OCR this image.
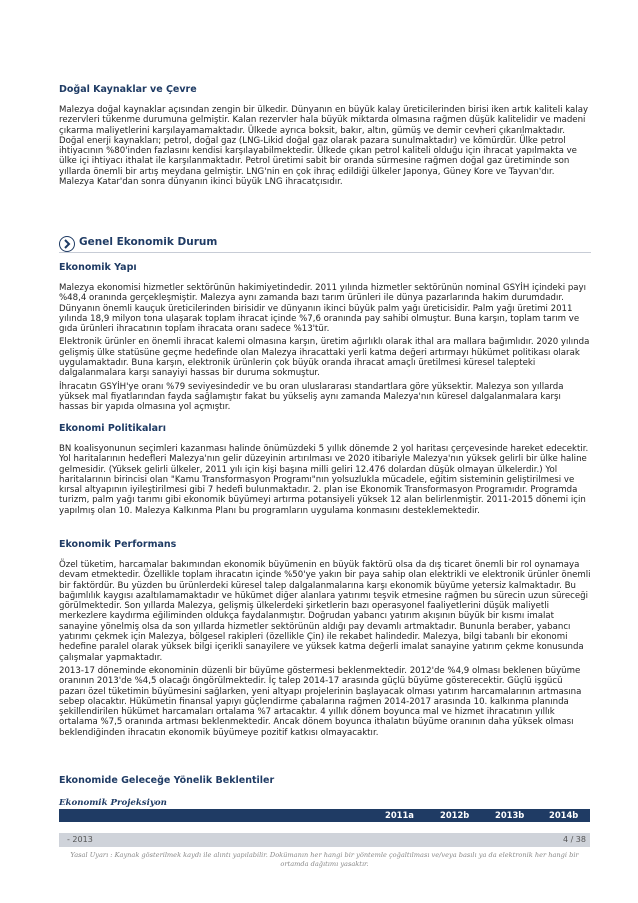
Doğal Kaynaklar ve Çevre

Malezya doğal kaynaklar açısından zengin bir ülkedir. Dünyanın en büyük kalay üreticilerinden birisi iken artık kaliteli kalay rezervleri tükenme durumuna gelmiştir. Kalan rezervler hala büyük miktarda olmasına rağmen düşük kalitelidir ve madeni çıkarma maliyetlerini karşılayamamaktadır. Ülkede ayrıca boksit, bakır, altın, gümüş ve demir cevheri çıkarılmaktadır. Doğal enerji kaynakları; petrol, doğal gaz (LNG-Likid doğal gaz olarak pazara sunulmaktadır) ve kömürdür. Ülke petrol ihtiyacının %80'inden fazlasını kendisi karşılayabilmektedir. Ülkede çıkan petrol kaliteli olduğu için ihracat yapılmakta ve ülke içi ihtiyacı ithalat ile karşılanmaktadır. Petrol üretimi sabit bir oranda sürmesine rağmen doğal gaz üretiminde son yıllarda önemli bir artış meydana gelmiştir. LNG'nin en çok ihraç edildiği ülkeler Japonya, Güney Kore ve Tayvan'dır. Malezya Katar'dan sonra dünyanın ikinci büyük LNG ihracatçısıdır.

Genel Ekonomik Durum

Ekonomik Yapı

Malezya ekonomisi hizmetler sektörünün hakimiyetindedir. 2011 yılında hizmetler sektörünün nominal GSYİH içindeki payı %48,4 oranında gerçekleşmiştir. Malezya aynı zamanda bazı tarım ürünleri ile dünya pazarlarında hakim durumdadır. Dünyanın önemli kauçuk üreticilerinden birisidir ve dünyanın ikinci büyük palm yağı üreticisidir. Palm yağı üretimi 2011 yılında 18,9 milyon tona ulaşarak toplam ihracat içinde %7,6 oranında pay sahibi olmuştur. Buna karşın, toplam tarım ve gıda ürünleri ihracatının toplam ihracata oranı sadece %13'tür.

Elektronik ürünler en önemli ihracat kalemi olmasına karşın, üretim ağırlıklı olarak ithal ara mallara bağımlıdır. 2020 yılında gelişmiş ülke statüsüne geçme hedefinde olan Malezya ihracattaki yerli katma değeri artırmayı hükümet politikası olarak uygulamaktadır. Buna karşın, elektronik ürünlerin çok büyük oranda ihracat amaçlı üretilmesi küresel talepteki dalgalanmalara karşı sanayiyi hassas bir duruma sokmuştur.

İhracatın GSYİH'ye oranı %79 seviyesindedir ve bu oran uluslararası standartlara göre yüksektir. Malezya son yıllarda yüksek mal fiyatlarından fayda sağlamıştır fakat bu yükseliş aynı zamanda Malezya'nın küresel dalgalanmalara karşı hassas bir yapıda olmasına yol açmıştır.

Ekonomi Politikaları

BN koalisyonunun seçimleri kazanması halinde önümüzdeki 5 yıllık dönemde 2 yol haritası çerçevesinde hareket edecektir. Yol haritalarının hedefleri Malezya'nın gelir düzeyinin artırılması ve 2020 itibariyle Malezya'nın yüksek gelirli bir ülke haline gelmesidir. (Yüksek gelirli ülkeler, 2011 yılı için kişi başına milli geliri 12.476 dolardan düşük olmayan ülkelerdir.) Yol haritalarının birincisi olan "Kamu Transformasyon Programı"nın yolsuzlukla mücadele, eğitim sisteminin geliştirilmesi ve kırsal altyapının iyileştirilmesi gibi 7 hedefi bulunmaktadır. 2. plan ise Ekonomik Transformasyon Programıdır. Programda turizm, palm yağı tarımı gibi ekonomik büyümeyi artırma potansiyeli yüksek 12 alan belirlenmiştir. 2011-2015 dönemi için yapılmış olan 10. Malezya Kalkınma Planı bu programların uygulama konmasını desteklemektedir.

Ekonomik Performans

Özel tüketim, harcamalar bakımından ekonomik büyümenin en büyük faktörü olsa da dış ticaret önemli bir rol oynamaya devam etmektedir. Özellikle toplam ihracatın içinde %50'ye yakın bir paya sahip olan elektrikli ve elektronik ürünler önemli bir faktördür. Bu yüzden bu ürünlerdeki küresel talep dalgalanmalarına karşı ekonomik büyüme yetersiz kalmaktadır. Bu bağımlılık kaygısı azaltılamamaktadır ve hükümet diğer alanlara yatırımı teşvik etmesine rağmen bu sürecin uzun süreceği görülmektedir. Son yıllarda Malezya, gelişmiş ülkelerdeki şirketlerin bazı operasyonel faaliyetlerini düşük maliyetli merkezlere kaydırma eğiliminden oldukça faydalanmıştır. Doğrudan yabancı yatırım akışının büyük bir kısmı imalat sanayine yönelmiş olsa da son yıllarda hizmetler sektörünün aldığı pay devamlı artmaktadır. Bununla beraber, yabancı yatırımı çekmek için Malezya, bölgesel rakipleri (özellikle Çin) ile rekabet halindedir. Malezya, bilgi tabanlı bir ekonomi hedefine paralel olarak yüksek bilgi içerikli sanayilere ve yüksek katma değerli imalat sanayine yatırım çekme konusunda çalışmalar yapmaktadır.

2013-17 döneminde ekonominin düzenli bir büyüme göstermesi beklenmektedir. 2012'de %4,9 olması beklenen büyüme oranının 2013'de %4,5 olacağı öngörülmektedir. İç talep 2014-17 arasında güçlü büyüme gösterecektir. Güçlü işgücü pazarı özel tüketimin büyümesini sağlarken, yeni altyapı projelerinin başlayacak olması yatırım harcamalarının artmasına sebep olacaktır. Hükümetin finansal yapıyı güçlendirme çabalarına rağmen 2014-2017 arasında 10. kalkınma planında şekillendirilen hükümet harcamaları ortalama %7 artacaktır. 4 yıllık dönem boyunca mal ve hizmet ihracatının yıllık ortalama %7,5 oranında artması beklenmektedir. Ancak dönem boyunca ithalatın büyüme oranının daha yüksek olması beklendiğinden ihracatın ekonomik büyümeye pozitif katkısı olmayacaktır.

Ekonomide Geleceğe Yönelik Beklentiler

Ekonomik Projeksiyon
2011a	2012b	2013b	2014b
- 2013	4 / 38
Yasal Uyarı : Kaynak gösterilmek kaydı ile alıntı yapılabilir. Dokümanın her hangi bir yöntemle çoğaltılması ve/veya basılı ya da elektronik her hangi bir ortamda dağıtımı yasaktır.
